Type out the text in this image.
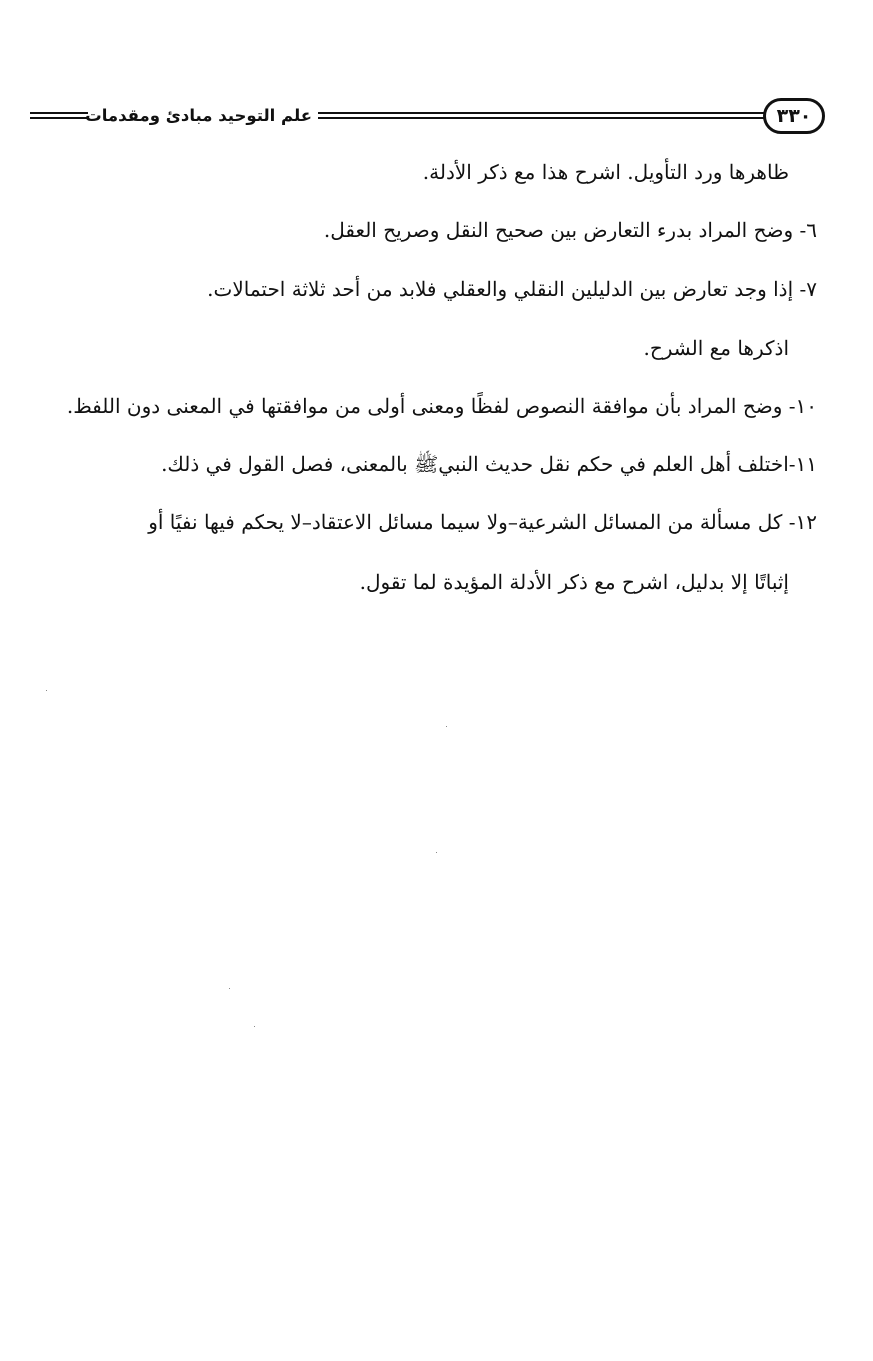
علم التوحيد مبادئ ومقدمات	٣٣٠
ظاهرها ورد التأويل. اشرح هذا مع ذكر الأدلة.
٦- وضح المراد بدرء التعارض بين صحيح النقل وصريح العقل.
٧- إذا وجد تعارض بين الدليلين النقلي والعقلي فلابد من أحد ثلاثة احتمالات.
اذكرها مع الشرح.
١٠- وضح المراد بأن موافقة النصوص لفظًا ومعنى أولى من موافقتها في المعنى دون اللفظ.
١١-اختلف أهل العلم في حكم نقل حديث النبيﷺ بالمعنى، فصل القول في ذلك.
١٢- كل مسألة من المسائل الشرعية–ولا سيما مسائل الاعتقاد–لا يحكم فيها نفيًا أو
إثباتًا إلا بدليل، اشرح مع ذكر الأدلة المؤيدة لما تقول.
